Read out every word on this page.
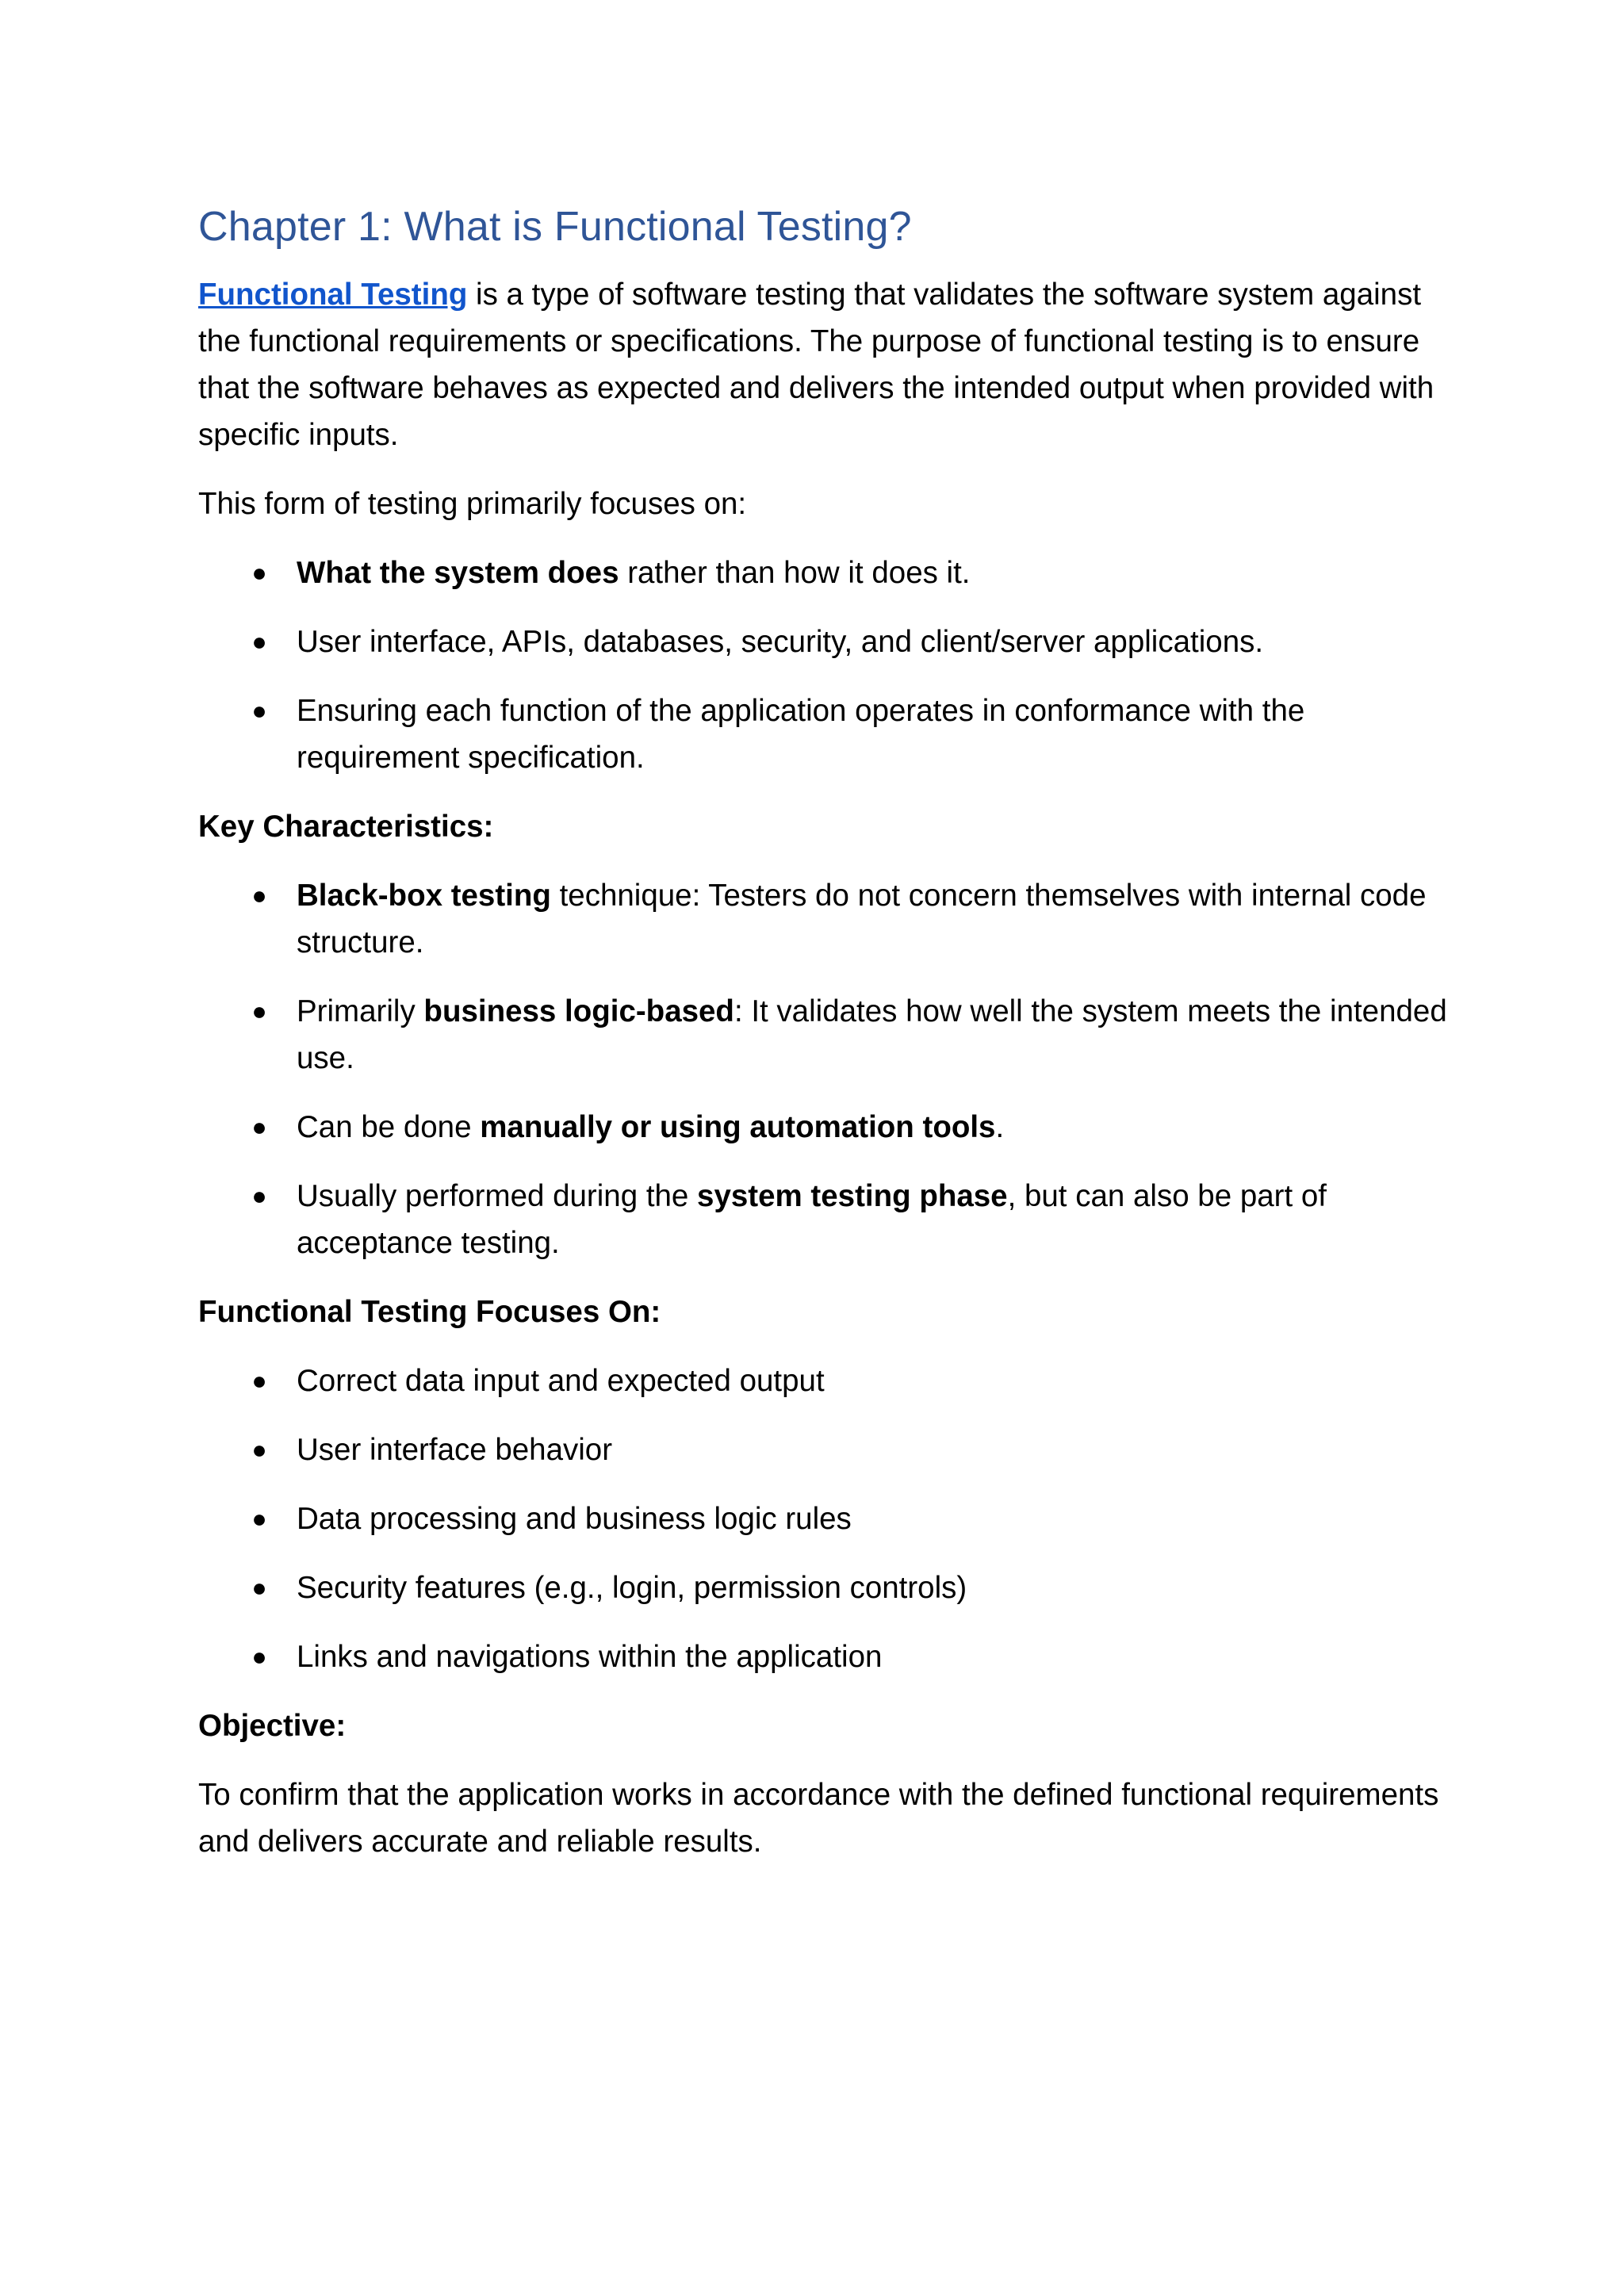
Chapter 1: What is Functional Testing?

Functional Testing is a type of software testing that validates the software system against the functional requirements or specifications. The purpose of functional testing is to ensure that the software behaves as expected and delivers the intended output when provided with specific inputs.

This form of testing primarily focuses on:

● What the system does rather than how it does it.
● User interface, APIs, databases, security, and client/server applications.
● Ensuring each function of the application operates in conformance with the requirement specification.

Key Characteristics:

● Black-box testing technique: Testers do not concern themselves with internal code structure.
● Primarily business logic-based: It validates how well the system meets the intended use.
● Can be done manually or using automation tools.
● Usually performed during the system testing phase, but can also be part of acceptance testing.

Functional Testing Focuses On:

● Correct data input and expected output
● User interface behavior
● Data processing and business logic rules
● Security features (e.g., login, permission controls)
● Links and navigations within the application

Objective:

To confirm that the application works in accordance with the defined functional requirements and delivers accurate and reliable results.
